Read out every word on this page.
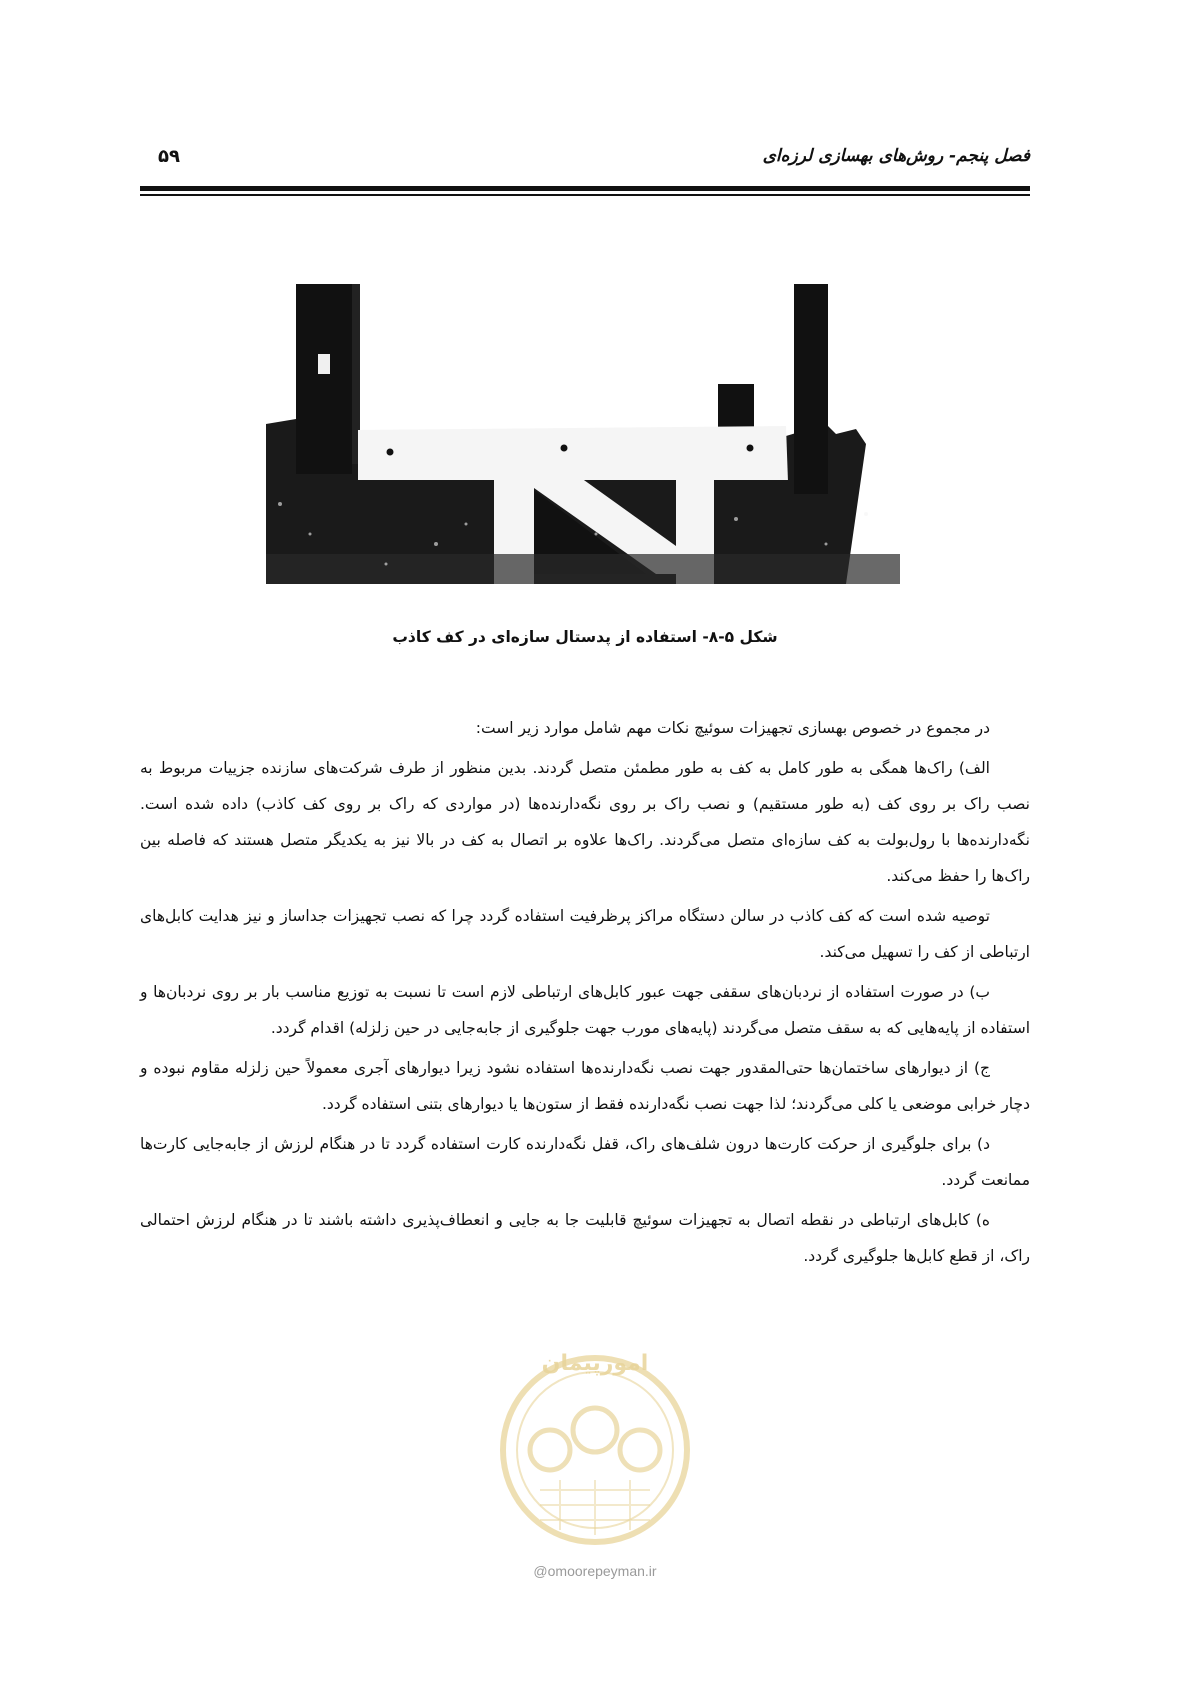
فصل پنجم- روش‌های بهسازی لرزه‌ای
۵۹
شکل ۵-۸- استفاده از پدستال سازه‌ای در کف کاذب

در مجموع در خصوص بهسازی تجهیزات سوئیچ نکات مهم شامل موارد زیر است:

الف) راک‌ها همگی به طور کامل به کف به طور مطمئن متصل گردند. بدین منظور از طرف شرکت‌های سازنده جزییات مربوط به نصب راک بر روی کف (به طور مستقیم) و نصب راک بر روی نگه‌دارنده‌ها (در مواردی که راک بر روی کف کاذب) داده شده است. نگه‌دارنده‌ها با رول‌بولت به کف سازه‌ای متصل می‌گردند. راک‌ها علاوه بر اتصال به کف در بالا نیز به یکدیگر متصل هستند که فاصله بین راک‌ها را حفظ می‌کند.

توصیه شده است که کف کاذب در سالن دستگاه مراکز پرظرفیت استفاده گردد چرا که نصب تجهیزات جداساز و نیز هدایت کابل‌های ارتباطی از کف را تسهیل می‌کند.

ب) در صورت استفاده از نردبان‌های سقفی جهت عبور کابل‌های ارتباطی لازم است تا نسبت به توزیع مناسب بار بر روی نردبان‌ها و استفاده از پایه‌هایی که به سقف متصل می‌گردند (پایه‌های مورب جهت جلوگیری از جابه‌جایی در حین زلزله) اقدام گردد.

ج) از دیوارهای ساختمان‌ها حتی‌المقدور جهت نصب نگه‌دارنده‌ها استفاده نشود زیرا دیوارهای آجری معمولاً حین زلزله مقاوم نبوده و دچار خرابی موضعی یا کلی می‌گردند؛ لذا جهت نصب نگه‌دارنده فقط از ستون‌ها یا دیوارهای بتنی استفاده گردد.

د) برای جلوگیری از حرکت کارت‌ها درون شلف‌های راک، قفل نگه‌دارنده کارت استفاده گردد تا در هنگام لرزش از جابه‌جایی کارت‌ها ممانعت گردد.

ه) کابل‌های ارتباطی در نقطه اتصال به تجهیزات سوئیچ قابلیت جا به جایی و انعطاف‌پذیری داشته باشند تا در هنگام لرزش احتمالی راک، از قطع کابل‌ها جلوگیری گردد.

امورپیمان
@omoorepeyman.ir
